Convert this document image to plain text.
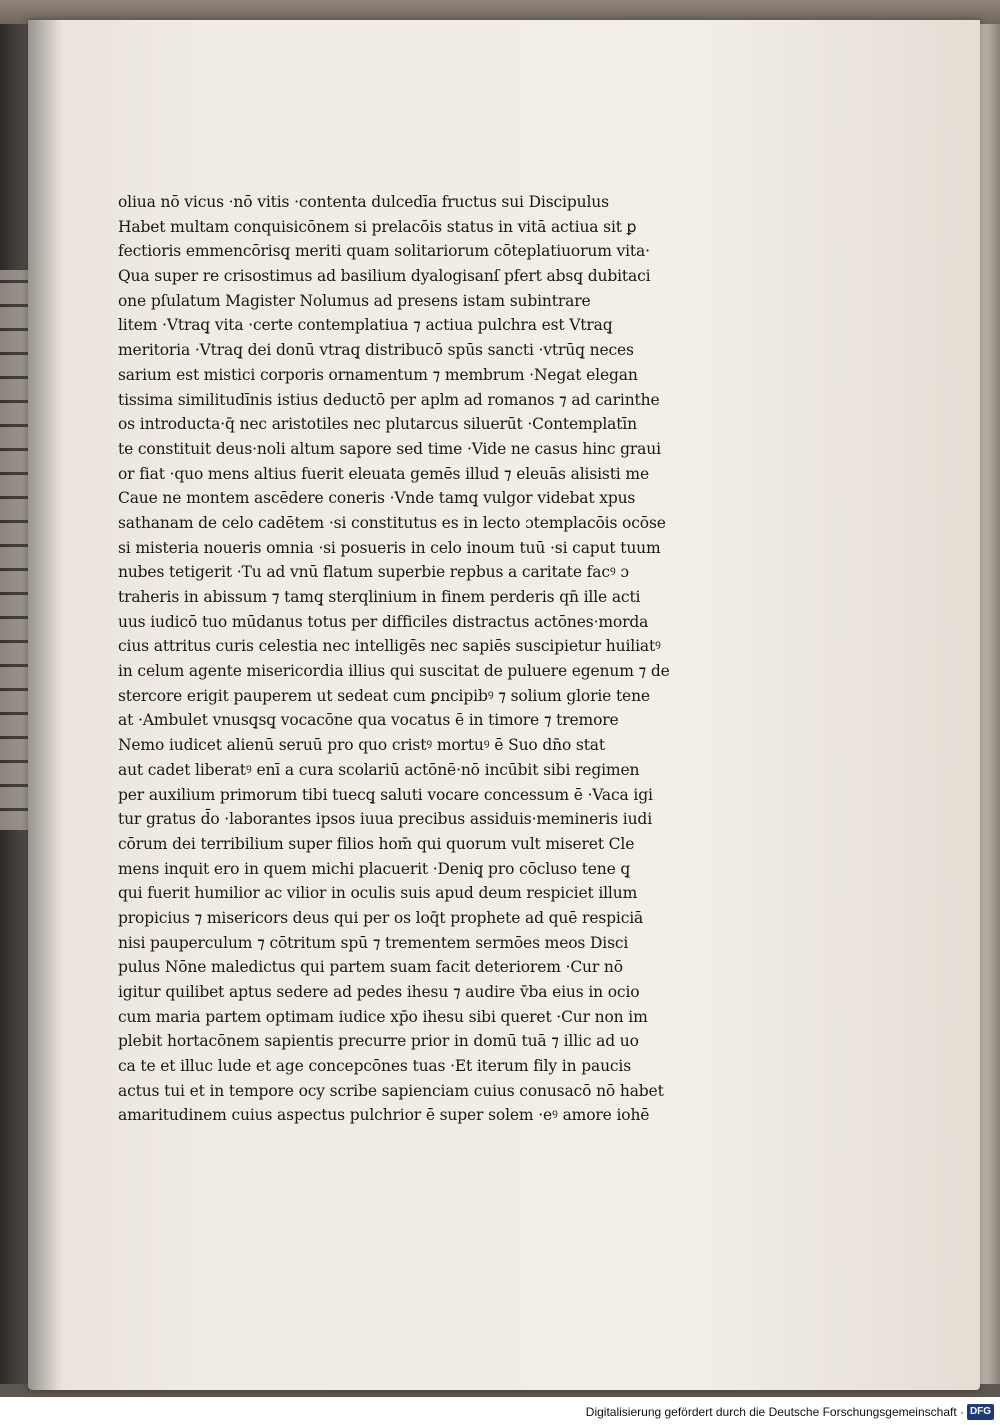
oliua nō vicus ·nō vitis ·contenta dulcedīa fructus sui Discipulus
Habet multam conquisicōnem si prelacōis status in vitā actiua sit ꝑ
fectioris emmencōrisq̧ meriti quam solitariorum cōteplatiuorum vita·
Qua super re crisostimus ad basilium dyalogisanſ pfert absq̧ dubitaci
one pſulatum Magister Nolumus ad presens istam subintrare
litem ·Vtraq̧ vita ·certe contemplatiua ⁊ actiua pulchra est Vtraq̧
meritoria ·Vtraq̧ dei donū vtraq̧ distribucō spūs sancti ·vtrūq̧ neces
sarium est mistici corporis ornamentum ⁊ membrum ·Negat elegan
tissima similitudīnis istius deductō per aplm ad romanos ⁊ ad carinthe
os introducta·q̄ nec aristotiles nec plutarcus siluerūt ·Contemplatīn
te constituit deus·noli altum sapore sed time ·Vide ne casus hinc graui
or fiat ·quo mens altius fuerit eleuata gemēs illud ⁊ eleuās alisisti me
Caue ne montem ascēdere coneris ·Vnde tamq̧ vulgor videbat xpus
sathanam de celo cadētem ·si constitutus es in lecto ɔtemplacōis ocōse
si misteria noueris omnia ·si posueris in celo inoum tuū ·si caput tuum
nubes tetigerit ·Tu ad vnū flatum superbie repbus a caritate facꝰ ɔ
traheris in abissum ⁊ tamq̧ sterqlinium in finem perderis qn̄ ille acti
uus iudicō tuo mūdanus totus per difficiles distractus actōnes·morda
cius attritus curis celestia nec intelligēs nec sapiēs suscipietur huiliatꝰ
in celum agente misericordia illius qui suscitat de puluere egenum ⁊ de
stercore erigit pauperem ut sedeat cum ꝑncipibꝰ ⁊ solium glorie tene
at ·Ambulet vnusq̧sq̧ vocacōne qua vocatus ē in timore ⁊ tremore
Nemo iudicet alienū seruū pro quo cristꝰ mortuꝰ ē Suo dn̄o stat
aut cadet liberatꝰ enī a cura scolariū actōnē·nō incūbit sibi regimen
per auxilium primorum tibi tuecq̧ saluti vocare concessum ē ·Vaca igi
tur gratus d̄o ·laborantes ipsos iuua precibus assiduis·memineris iudi
cōrum dei terribilium super filios hom̄ qui quorum vult miseret Cle
mens inquit ero in quem michi placuerit ·Deniq̧ pro cōcluso tene q̧
qui fuerit humilior ac vilior in oculis suis apud deum respiciet illum
propicius ⁊ misericors deus qui per os loq̄t prophete ad quē respiciā
nisi pauperculum ⁊ cōtritum spū ⁊ trementem sermōes meos Disci
pulus Nōne maledictus qui partem suam facit deteriorem ·Cur nō
igitur quilibet aptus sedere ad pedes ihesu ⁊ audire v̄ba eius in ocio
cum maria partem optimam iudice xp̄o ihesu sibi queret ·Cur non im
plebit hortacōnem sapientis precurre prior in domū tuā ⁊ illic ad uo
ca te et illuc lude et age concepcōnes tuas ·Et iterum fily in paucis
actus tui et in tempore ocy scribe sapienciam cuius conusacō nō habet
amaritudinem cuius aspectus pulchrior ē super solem ·eꝰ amore iohē
Digitalisierung gefördert durch die Deutsche Forschungsgemeinschaft · DFG
